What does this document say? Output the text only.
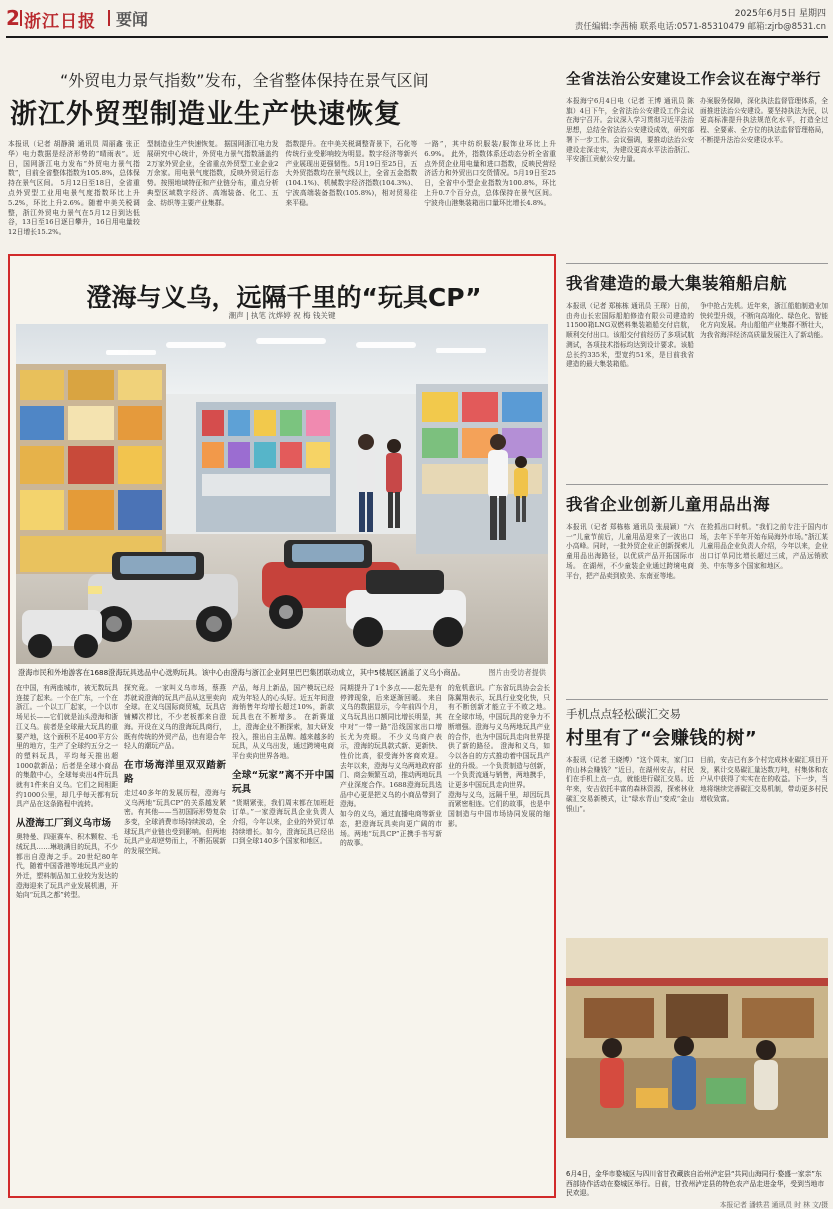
2 浙江日报 要闻	2025年6月5日 星期四
责任编辑:李茜楠 联系电话:0571-85310479 邮箱:zjrb@8531.cn
“外贸电力景气指数”发布，全省整体保持在景气区间
浙江外贸型制造业生产快速恢复
本报讯（记者 胡静漪 通讯员 周丽鑫 张正华）电力数据是经济形势的“晴雨表”。近日，国网浙江电力发布“外贸电力景气指数”，目前全省整体指数为105.8%，总体保持在景气区间。 5月12日至18日，全省重点外贸型工业用电景气度指数环比上升5.2%，环比上升2.6%。随着中美关税调整，浙江外贸电力景气在5月12日到达低谷，13日至16日逐日攀升，16日用电量较12日增长15.2%。
型制造业生产快速恢复。 据国网浙江电力发展研究中心统计，外贸电力景气指数涵盖约2万家外贸企业，全省重点外贸型工业企业2万余家。用电景气度指数，反映外贸运行态势。按照地域特征和产业链分布，重点分析典型区域数字经济、高端装备、化工、五金、纺织等主要产业集群。
指数提升。在中美关税调整背景下，石化等传统行业受影响较为明显。数字经济等新兴产业展现出更强韧性。5月19日至25日，五大外贸指数均在景气线以上，全省五金指数(104.1%)、机械数字经济指数(104.3%)、宁波高端装备指数(105.8%)，相对贸易往来平稳。
一路”，其中纺织服装/服饰业环比上升6.9%。 此外，指数体系还动态分析全省重点外贸企业用电量和进口指数，反映民营经济活力和外贸出口交货情况。5月19日至25日，全省中小型企业指数为100.8%，环比上升0.7个百分点，总体保持在景气区间。宁波舟山港集装箱出口量环比增长4.8%。
澄海与义乌，远隔千里的“玩具CP”
潮声 | 执笔 沈烨婷 祝 梅 钱关键
澄海市民和外地游客在1688澄海玩具选品中心选购玩具。该中心由澄海与浙江企业阿里巴巴集团联动成立，其中5楼展区涵盖了义乌小商品。	图片由受访者提供

在中国，有两座城市，被无数玩具连接了起来。一个在广东，一个在浙江。一个以工厂起家，一个以市场见长——它们就是汕头澄海和浙江义乌。前者是全球最大玩具的重要产地，这个面积不足400平方公里的地方，生产了全球约五分之一的塑料玩具，平均每天推出超1000款新品；后者是全球小商品的集散中心，全球每卖出4件玩具就有1件来自义乌。它们之间相距约1000公里，却几乎每天都有玩具产品在这条路程中流转。

从澄海工厂到义乌市场

奥特曼、四驱赛车、积木颗粒、毛绒玩具……琳琅满目的玩具，不少都出自澄海之手。20世纪80年代，随着中国香港等地玩具产业的外迁，塑料制品加工业较为发达的澄海迎来了玩具产业发展机遇，开始向“玩具之都”转型。

探究竟。 一家叫义乌市场，蔡燕苏就说澄海的玩具产品从这里卖向全球。在义乌国际商贸城，玩具店铺鳞次栉比，不少老板都来自澄海。开设在义乌的澄海玩具商行，既有传统的外贸产品，也有迎合年轻人的潮玩产品。

在市场海洋里双双踏新路

走过40多年的发展历程，澄海与义乌两地“玩具CP”的关系越发紧密。有其他——当初国际形势复杂多变，全球消费市场持续波动，全球玩具产业链也受到影响。但两地玩具产业却逆势而上，不断拓展新的发展空间。

产品，每月上新品，国产模玩已经成为年轻人的心头好。近五年间澄海销售年均增长超过10%，新款玩具也在不断增多。 在新赛道上，澄海企业不断探索，加大研发投入，推出自主品牌。越来越多的玩具，从义乌出发，通过跨境电商平台卖向世界各地。

全球“玩家”离不开中国玩具

“货期紧张，我们周末都在加班赶订单。”一家澄海玩具企业负责人介绍，今年以来，企业的外贸订单持续增长。如今，澄海玩具已经出口到全球140多个国家和地区。

同期提升了1个多点——起先是有停滞现象，后来逐渐回暖。 来自义乌的数据显示，今年前四个月，义乌玩具出口额同比增长明显，其中对“一带一路”沿线国家出口增长尤为亮眼。 不少义乌商户表示，澄海的玩具款式新、更新快、性价比高，很受海外客商欢迎。 去年以来，澄海与义乌两地政府部门、商会频繁互动，推动两地玩具产业深度合作。1688澄海玩具选品中心更是把义乌的小商品带到了澄海。

如今的义乌，通过直播电商等新业态，把澄海玩具卖向更广阔的市场。两地“玩具CP”正携手书写新的故事。

的危机意识。广东省玩具协会会长陈翼翔表示，玩具行业变化快，只有不断创新才能立于不败之地。 在全球市场，中国玩具的竞争力不断增强。澄海与义乌两地玩具产业的合作，也为中国玩具走向世界提供了新的路径。 澄海和义乌，如今以各自的方式推动着中国玩具产业的升级。一个负责制造与创新，一个负责流通与销售，两地携手，让更多中国玩具走向世界。

澄海与义乌，远隔千里，却因玩具而紧密相连。它们的故事，也是中国制造与中国市场协同发展的缩影。

全省法治公安建设工作会议在海宁举行
本报海宁6月4日电（记者 王博 通讯员 陈 旗）4日下午，全省法治公安建设工作会议在海宁召开。会议深入学习贯彻习近平法治思想，总结全省法治公安建设成效，研究部署下一步工作。会议强调，要推动法治公安建设走深走实，为建设更高水平法治浙江、平安浙江贡献公安力量。
办案服务保障，深化执法监督管理体系，全面推进法治公安建设。要坚持执法为民，以更高标准提升执法规范化水平，打造全过程、全要素、全方位的执法监督管理格局，不断提升法治公安建设水平。
我省建造的最大集装箱船启航
本报讯（记者 郑栋栋 通讯员 王琛）日前，由舟山长宏国际船舶修造有限公司建造的11500箱LNG双燃料集装箱船交付启航，顺利交付出口。该船交付前经历了多项试航测试，各项技术指标均达到设计要求。该船总长约335米，型宽约51米，是目前我省建造的最大集装箱船。
争中抢占先机。近年来，浙江船舶制造业加快转型升级，不断向高端化、绿色化、智能化方向发展。舟山船舶产业集群不断壮大，为我省海洋经济高质量发展注入了新动能。
我省企业创新儿童用品出海
本报讯（记者 郑栋栋 通讯员 张晨颖）“六一”儿童节前后，儿童用品迎来了一波出口小高峰。同时，一批外贸企业正创新探索儿童用品出海路径，以优质产品开拓国际市场。 在湖州，不少童装企业通过跨境电商平台，把产品卖到欧美、东南亚等地。
在抢抓出口时机。“我们之前专注于国内市场，去年下半年开始布局海外市场。”浙江某儿童用品企业负责人介绍，今年以来，企业出口订单同比增长超过三成，产品远销欧美、中东等多个国家和地区。
手机点点轻松碳汇交易
村里有了“会赚钱的树”
本报讯（记者 王晓博）“这个周末，家门口的山林会赚钱？”近日，在湖州安吉，村民们在手机上点一点，就能进行碳汇交易。近年来，安吉依托丰富的森林资源，探索林业碳汇交易新模式，让“绿水青山”变成“金山银山”。
目前，安吉已有多个村完成林业碳汇项目开发，累计交易碳汇量达数万吨，村集体和农户从中获得了实实在在的收益。下一步，当地将继续完善碳汇交易机制，带动更多村民增收致富。
6月4日，金华市婺城区与四川省甘孜藏族自治州泸定县“共同山海同行·婺盛一家亲”东西部协作活动在婺城区举行。日前，甘孜州泸定县的特色农产品走进金华，受到当地市民欢迎。
本报记者 潘轶君 通讯员 时 林 文/摄
